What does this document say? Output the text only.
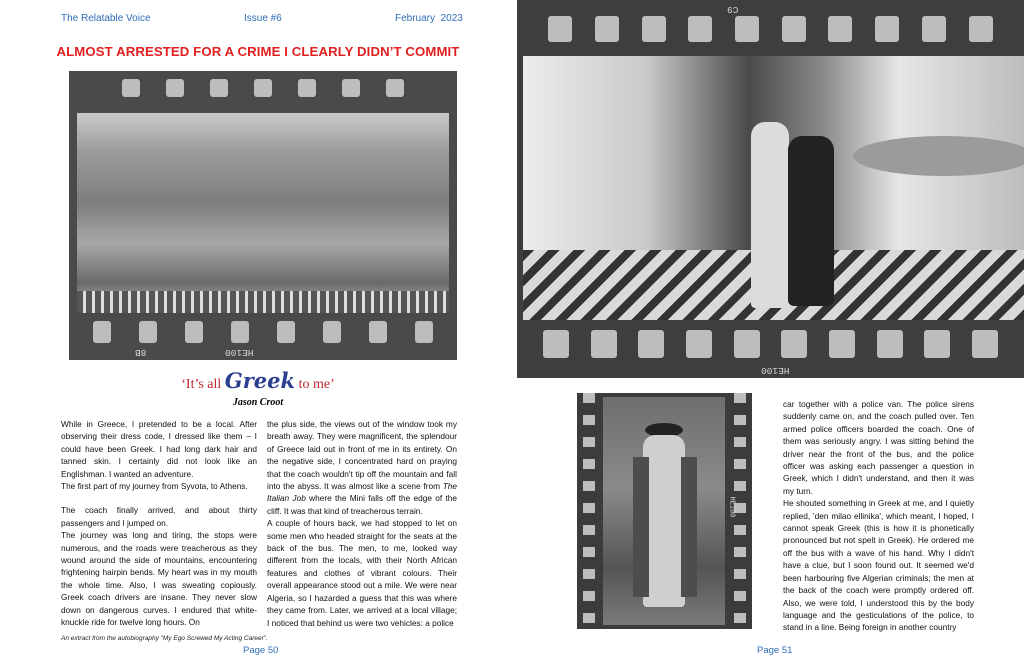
The Relatable Voice	Issue #6	February  2023
ALMOST ARRESTED FOR A CRIME I CLEARLY DIDN’T COMMIT
HE100
8B
‘It’s all Greek to me’
Jason Croot

While in Greece, I pretended to be a local. After observing their dress code, I dressed like them – I could have been Greek. I had long dark hair and tanned skin. I certainly did not look like an Englishman. I wanted an adventure.

The first part of my journey from Syvota, to Athens.

The coach finally arrived, and about thirty passengers and I jumped on.

The journey was long and tiring, the stops were numerous, and the roads were treacherous as they wound around the side of mountains, encountering frightening hairpin bends. My heart was in my mouth the whole time. Also, I was sweating copiously. Greek coach drivers are insane. They never slow down on dangerous curves. I endured that white-knuckle ride for twelve long hours. On

the plus side, the views out of the window took my breath away. They were magnificent, the splendour of Greece laid out in front of me in its entirety. On the negative side, I concentrated hard on praying that the coach wouldn't tip off the mountain and fall into the abyss. It was almost like a scene from The Italian Job where the Mini falls off the edge of the cliff. It was that kind of treacherous terrain.

A couple of hours back, we had stopped to let on some men who headed straight for the seats at the back of the bus. The men, to me, looked way different from the locals, with their North African features and clothes of vibrant colours. Their overall appearance stood out a mile. We were near Algeria, so I hazarded a guess that this was where they came from. Later, we arrived at a local village; I noticed that behind us were two vehicles: a police

An extract from the autobiography “My Ego Screwed My Acting Career”.
Page 50
C9
HE100
HE100

car together with a police van. The police sirens suddenly came on, and the coach pulled over. Ten armed police officers boarded the coach. One of them was seriously angry. I was sitting behind the driver near the front of the bus, and the police officer was asking each passenger a question in Greek, which I didn't understand, and then it was my turn.

He shouted something in Greek at me, and I quietly replied, 'den milao ellinika', which meant, I hoped, I cannot speak Greek (this is how it is phonetically pronounced but not spelt in Greek). He ordered me off the bus with a wave of his hand. Why I didn't have a clue, but I soon found out. It seemed we'd been harbouring five Algerian criminals; the men at the back of the coach were promptly ordered off. Also, we were told, I understood this by the body language and the gesticulations of the police, to stand in a line. Being foreign in another country

Page 51
